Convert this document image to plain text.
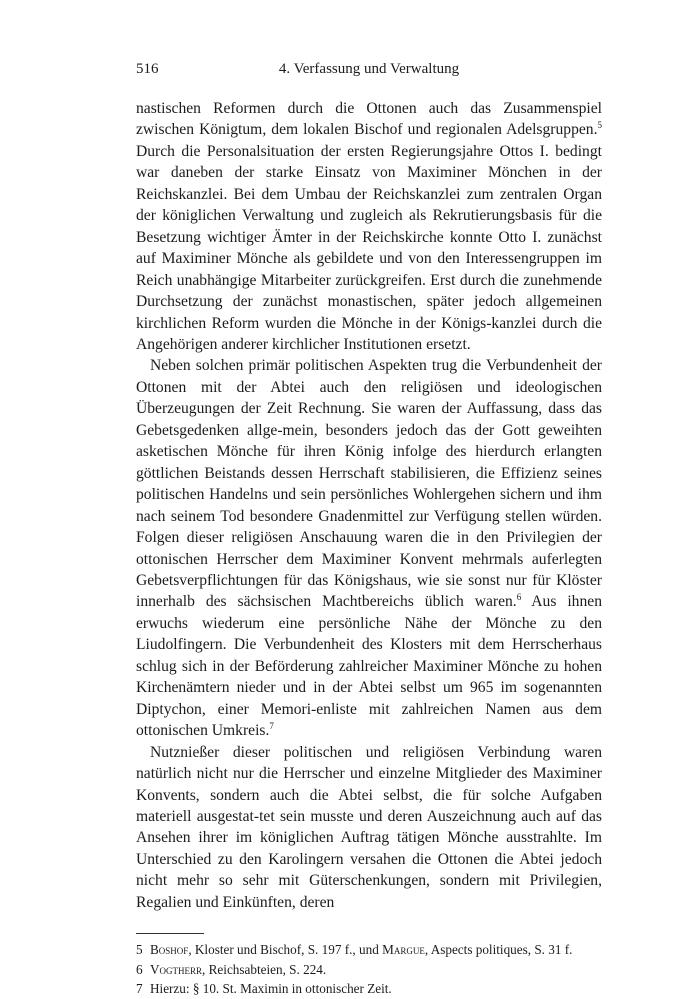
516	4. Verfassung und Verwaltung

nastischen Reformen durch die Ottonen auch das Zusammenspiel zwischen Königtum, dem lokalen Bischof und regionalen Adelsgruppen.$^5$ Durch die Personalsituation der ersten Regierungsjahre Ottos I. bedingt war daneben der starke Einsatz von Maximiner Mönchen in der Reichskanzlei. Bei dem Umbau der Reichskanzlei zum zentralen Organ der königlichen Verwaltung und zugleich als Rekrutierungsbasis für die Besetzung wichtiger Ämter in der Reichskirche konnte Otto I. zunächst auf Maximiner Mönche als gebildete und von den Interessengruppen im Reich unabhängige Mitarbeiter zurückgreifen. Erst durch die zunehmende Durchsetzung der zunächst monastischen, später jedoch allgemeinen kirchlichen Reform wurden die Mönche in der Königs-kanzlei durch die Angehörigen anderer kirchlicher Institutionen ersetzt.

Neben solchen primär politischen Aspekten trug die Verbundenheit der Ottonen mit der Abtei auch den religiösen und ideologischen Überzeugungen der Zeit Rechnung. Sie waren der Auffassung, dass das Gebetsgedenken allge-mein, besonders jedoch das der Gott geweihten asketischen Mönche für ihren König infolge des hierdurch erlangten göttlichen Beistands dessen Herrschaft stabilisieren, die Effizienz seines politischen Handelns und sein persönliches Wohlergehen sichern und ihm nach seinem Tod besondere Gnadenmittel zur Verfügung stellen würden. Folgen dieser religiösen Anschauung waren die in den Privilegien der ottonischen Herrscher dem Maximiner Konvent mehrmals auferlegten Gebetsverpflichtungen für das Königshaus, wie sie sonst nur für Klöster innerhalb des sächsischen Machtbereichs üblich waren.$^6$ Aus ihnen erwuchs wiederum eine persönliche Nähe der Mönche zu den Liudolfingern. Die Verbundenheit des Klosters mit dem Herrscherhaus schlug sich in der Beförderung zahlreicher Maximiner Mönche zu hohen Kirchenämtern nieder und in der Abtei selbst um 965 im sogenannten Diptychon, einer Memori-enliste mit zahlreichen Namen aus dem ottonischen Umkreis.$^7$

Nutznießer dieser politischen und religiösen Verbindung waren natürlich nicht nur die Herrscher und einzelne Mitglieder des Maximiner Konvents, sondern auch die Abtei selbst, die für solche Aufgaben materiell ausgestat-tet sein musste und deren Auszeichnung auch auf das Ansehen ihrer im königlichen Auftrag tätigen Mönche ausstrahlte. Im Unterschied zu den Karolingern versahen die Ottonen die Abtei jedoch nicht mehr so sehr mit Güterschenkungen, sondern mit Privilegien, Regalien und Einkünften, deren

5 Boshof, Kloster und Bischof, S. 197 f., und Margue, Aspects politiques, S. 31 f.
6 Vogtherr, Reichsabteien, S. 224.
7 Hierzu: § 10. St. Maximin in ottonischer Zeit.
